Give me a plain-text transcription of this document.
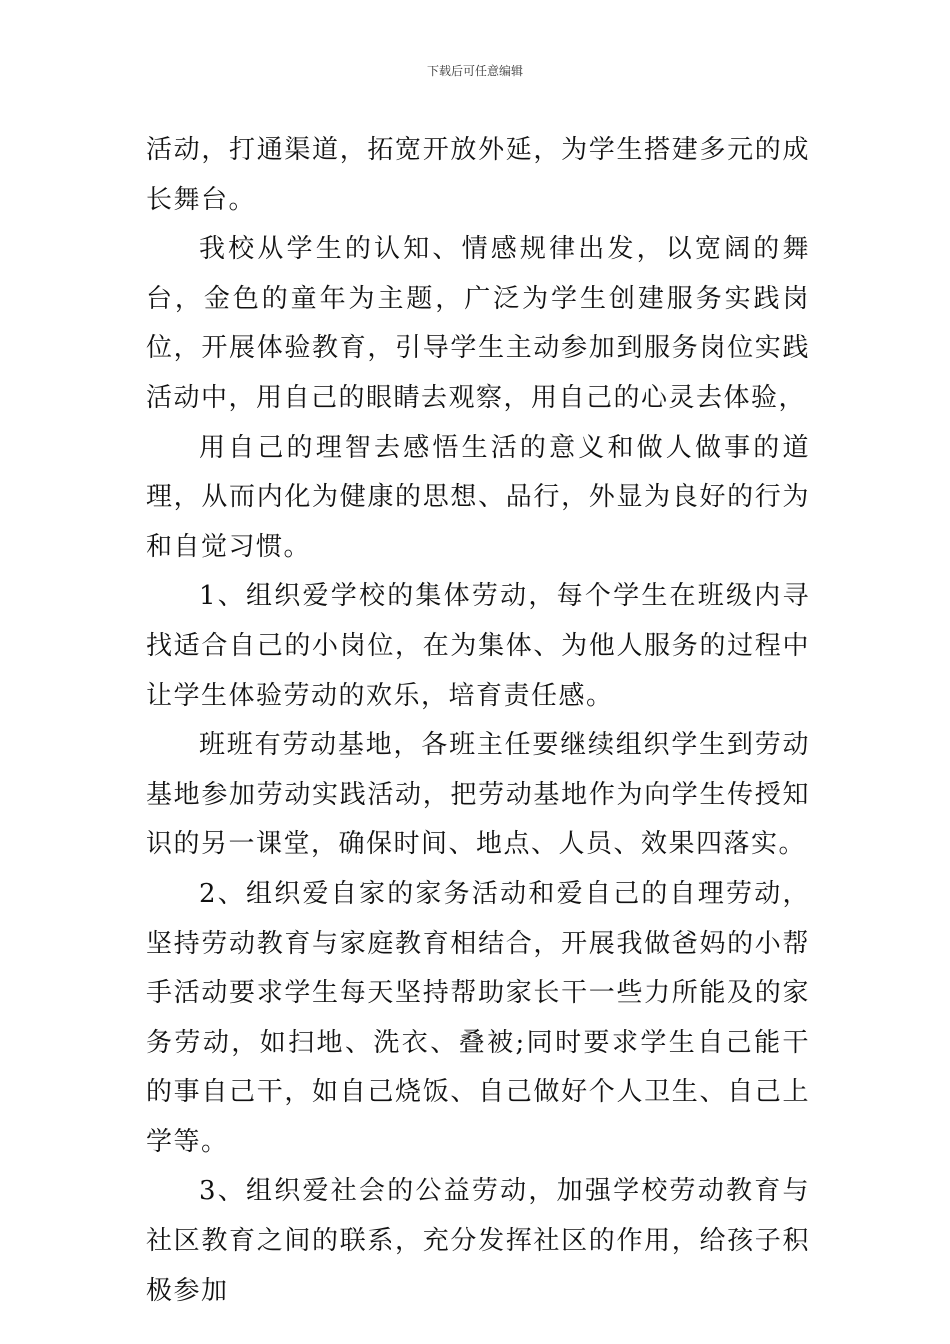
下载后可任意编辑

活动，打通渠道，拓宽开放外延，为学生搭建多元的成长舞台。

我校从学生的认知、情感规律出发，以宽阔的舞台，金色的童年为主题，广泛为学生创建服务实践岗位，开展体验教育，引导学生主动参加到服务岗位实践活动中，用自己的眼睛去观察，用自己的心灵去体验，

用自己的理智去感悟生活的意义和做人做事的道理，从而内化为健康的思想、品行，外显为良好的行为和自觉习惯。

1、组织爱学校的集体劳动，每个学生在班级内寻找适合自己的小岗位，在为集体、为他人服务的过程中让学生体验劳动的欢乐，培育责任感。

班班有劳动基地，各班主任要继续组织学生到劳动基地参加劳动实践活动，把劳动基地作为向学生传授知识的另一课堂，确保时间、地点、人员、效果四落实。

2、组织爱自家的家务活动和爱自己的自理劳动，坚持劳动教育与家庭教育相结合，开展我做爸妈的小帮手活动要求学生每天坚持帮助家长干一些力所能及的家务劳动，如扫地、洗衣、叠被;同时要求学生自己能干的事自己干，如自己烧饭、自己做好个人卫生、自己上学等。

3、组织爱社会的公益劳动，加强学校劳动教育与社区教育之间的联系，充分发挥社区的作用，给孩子积极参加
